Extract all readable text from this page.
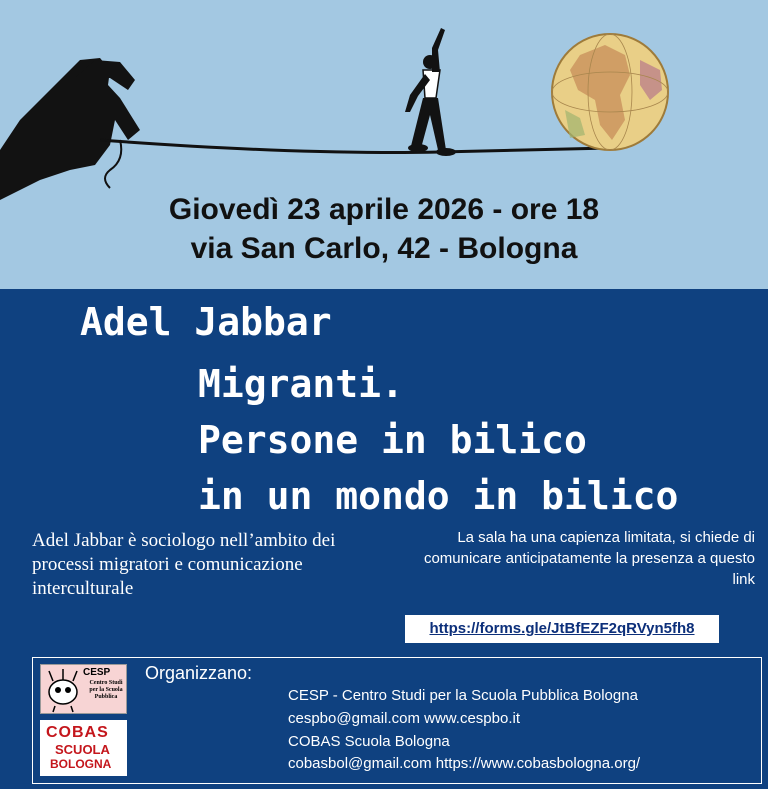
Giovedì 23 aprile 2026 - ore 18
via San Carlo, 42 - Bologna
Adel Jabbar
Migranti.
Persone in bilico
in un mondo in bilico
Adel Jabbar è sociologo nell’ambito dei processi migratori e comunicazione interculturale
La sala ha una capienza limitata, si chiede di comunicare anticipatamente la presenza a questo link
https://forms.gle/JtBfEZF2qRVyn5fh8
CESP
Centro Studi per la Scuola Pubblica
COBAS
SCUOLA
BOLOGNA
Organizzano:
CESP - Centro Studi per la Scuola Pubblica Bologna
cespbo@gmail.com www.cespbo.it
COBAS Scuola Bologna
cobasbol@gmail.com https://www.cobasbologna.org/
